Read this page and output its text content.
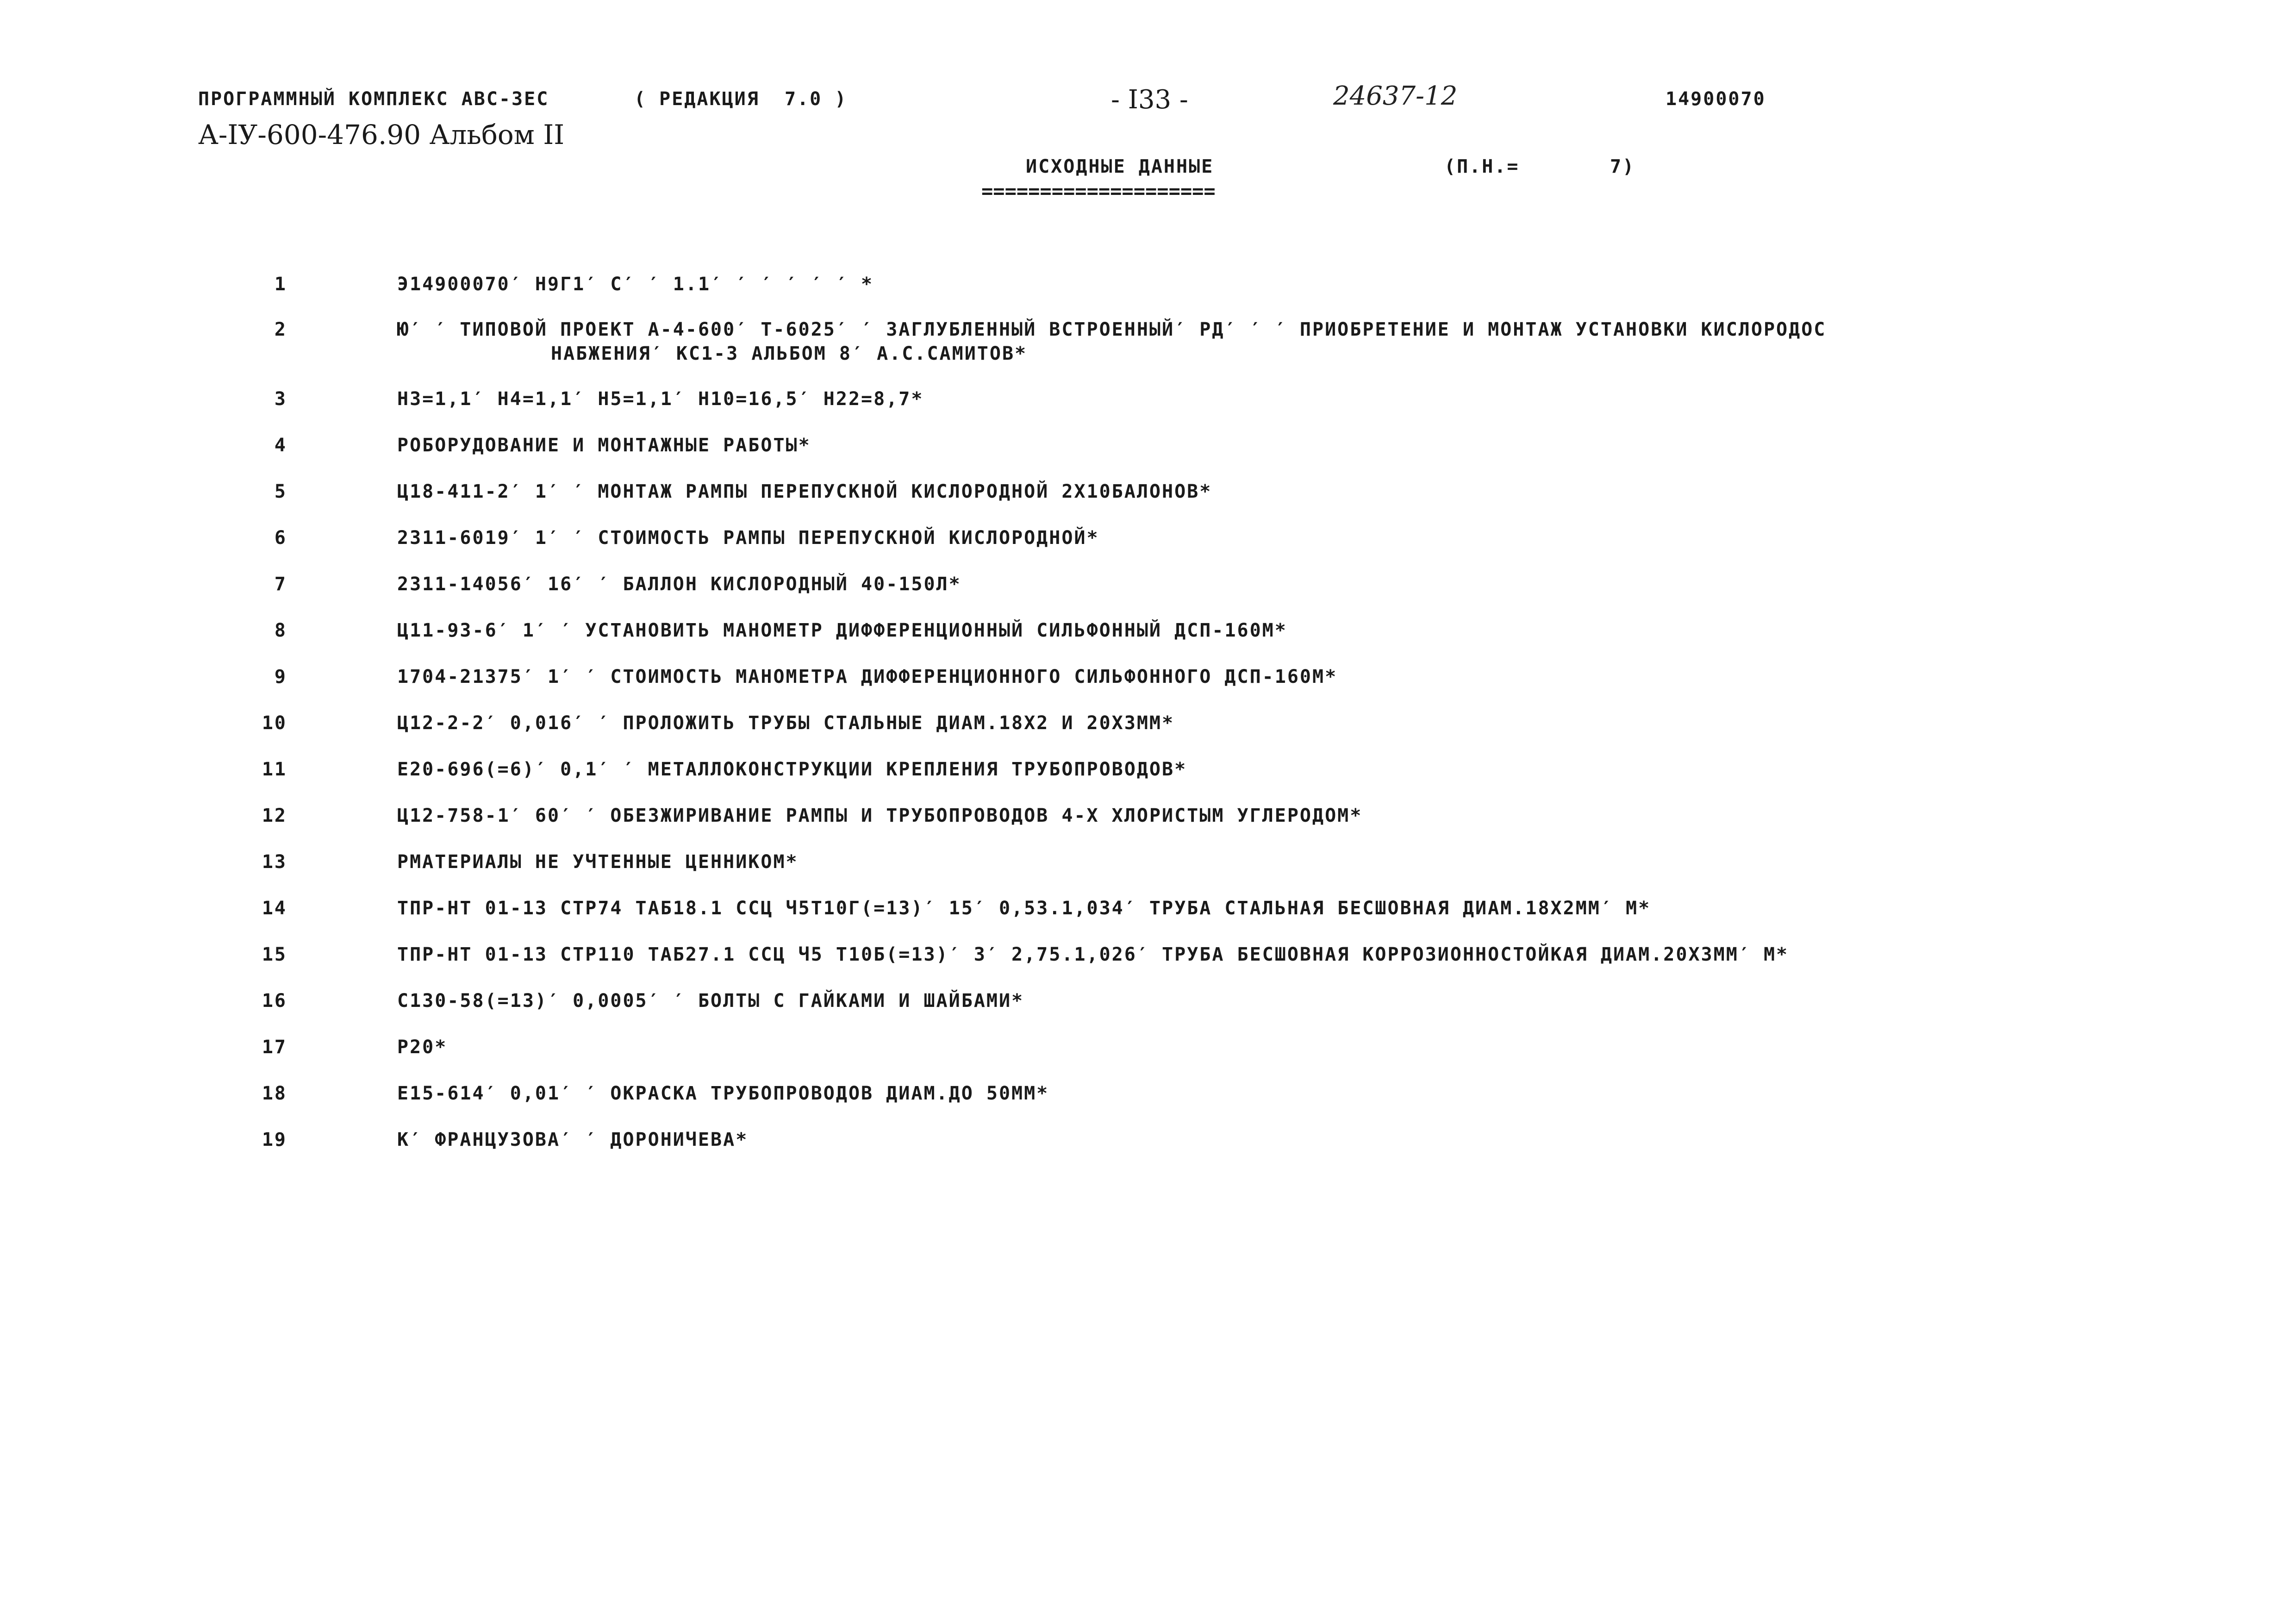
ПРОГРАММНЫЙ КОМПЛЕКС АВС-3ЕС	( РЕДАКЦИЯ  7.0 )	- I33 -	24637-12	14900070
А-IУ-600-476.90 Альбом II
ИСХОДНЫЕ ДАННЫЕ
====================
(П.Н.=	7)
1	Э14900070′ Н9Г1′ С′ ′ 1.1′ ′ ′ ′ ′ ′ *
2	Ю′ ′ ТИПОВОЙ ПРОЕКТ А-4-600′ Т-6025′ ′ ЗАГЛУБЛЕННЫЙ ВСТРОЕННЫЙ′ РД′ ′ ′ ПРИОБРЕТЕНИЕ И МОНТАЖ УСТАНОВКИ КИСЛОРОДОС
НАБЖЕНИЯ′ КС1-3 АЛЬБОМ 8′ А.С.САМИТОВ*
3	Н3=1,1′ Н4=1,1′ Н5=1,1′ Н10=16,5′ Н22=8,7*
4	РОБОРУДОВАНИЕ И МОНТАЖНЫЕ РАБОТЫ*
5	Ц18-411-2′ 1′ ′ МОНТАЖ РАМПЫ ПЕРЕПУСКНОЙ КИСЛОРОДНОЙ 2Х10БАЛОНОВ*
6	2311-6019′ 1′ ′ СТОИМОСТЬ РАМПЫ ПЕРЕПУСКНОЙ КИСЛОРОДНОЙ*
7	2311-14056′ 16′ ′ БАЛЛОН КИСЛОРОДНЫЙ 40-150Л*
8	Ц11-93-6′ 1′ ′ УСТАНОВИТЬ МАНОМЕТР ДИФФЕРЕНЦИОННЫЙ СИЛЬФОННЫЙ ДСП-160М*
9	1704-21375′ 1′ ′ СТОИМОСТЬ МАНОМЕТРА ДИФФЕРЕНЦИОННОГО СИЛЬФОННОГО ДСП-160М*
10	Ц12-2-2′ 0,016′ ′ ПРОЛОЖИТЬ ТРУБЫ СТАЛЬНЫЕ ДИАМ.18Х2 И 20Х3ММ*
11	Е20-696(=6)′ 0,1′ ′ МЕТАЛЛОКОНСТРУКЦИИ КРЕПЛЕНИЯ ТРУБОПРОВОДОВ*
12	Ц12-758-1′ 60′ ′ ОБЕЗЖИРИВАНИЕ РАМПЫ И ТРУБОПРОВОДОВ 4-Х ХЛОРИСТЫМ УГЛЕРОДОМ*
13	РМАТЕРИАЛЫ НЕ УЧТЕННЫЕ ЦЕННИКОМ*
14	ТПР-НТ 01-13 СТР74 ТАБ18.1 ССЦ Ч5Т10Г(=13)′ 15′ 0,53.1,034′ ТРУБА СТАЛЬНАЯ БЕСШОВНАЯ ДИАМ.18Х2ММ′ М*
15	ТПР-НТ 01-13 СТР110 ТАБ27.1 ССЦ Ч5 Т10Б(=13)′ 3′ 2,75.1,026′ ТРУБА БЕСШОВНАЯ КОРРОЗИОННОСТОЙКАЯ ДИАМ.20Х3ММ′ М*
16	С130-58(=13)′ 0,0005′ ′ БОЛТЫ С ГАЙКАМИ И ШАЙБАМИ*
17	Р20*
18	Е15-614′ 0,01′ ′ ОКРАСКА ТРУБОПРОВОДОВ ДИАМ.ДО 50ММ*
19	К′ ФРАНЦУЗОВА′ ′ ДОРОНИЧЕВА*
